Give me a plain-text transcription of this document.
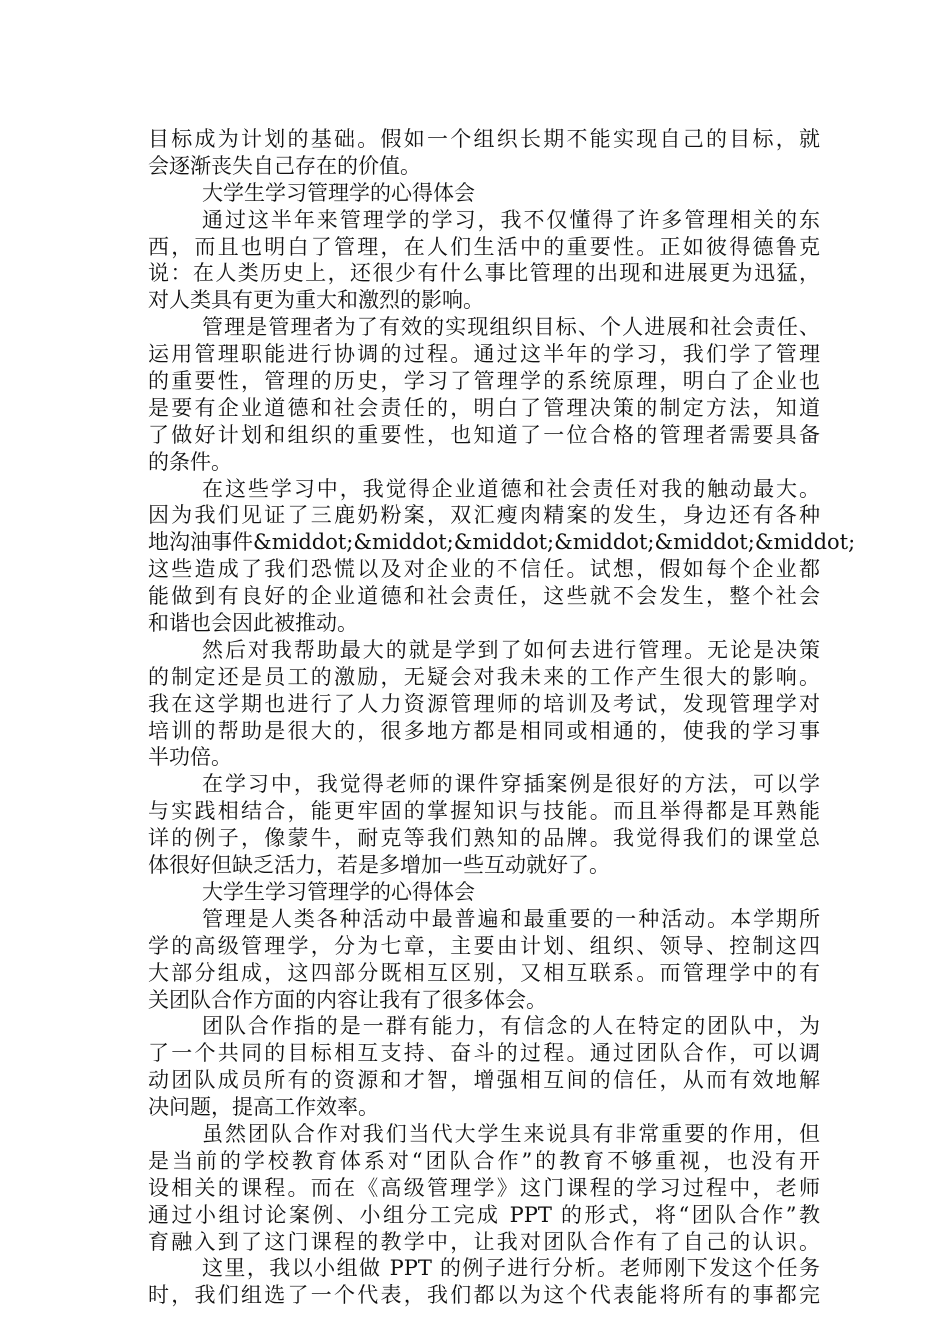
目标成为计划的基础。假如一个组织长期不能实现自己的目标，就
会逐渐丧失自己存在的价值。
大学生学习管理学的心得体会
通过这半年来管理学的学习，我不仅懂得了许多管理相关的东
西，而且也明白了管理，在人们生活中的重要性。正如彼得德鲁克
说：在人类历史上，还很少有什么事比管理的出现和进展更为迅猛，
对人类具有更为重大和激烈的影响。
管理是管理者为了有效的实现组织目标、个人进展和社会责任、
运用管理职能进行协调的过程。通过这半年的学习，我们学了管理
的重要性，管理的历史，学习了管理学的系统原理，明白了企业也
是要有企业道德和社会责任的，明白了管理决策的制定方法，知道
了做好计划和组织的重要性，也知道了一位合格的管理者需要具备
的条件。
在这些学习中，我觉得企业道德和社会责任对我的触动最大。
因为我们见证了三鹿奶粉案，双汇瘦肉精案的发生，身边还有各种
地沟油事件&middot;&middot;&middot;&middot;&middot;&middot;
这些造成了我们恐慌以及对企业的不信任。试想，假如每个企业都
能做到有良好的企业道德和社会责任，这些就不会发生，整个社会
和谐也会因此被推动。
然后对我帮助最大的就是学到了如何去进行管理。无论是决策
的制定还是员工的激励，无疑会对我未来的工作产生很大的影响。
我在这学期也进行了人力资源管理师的培训及考试，发现管理学对
培训的帮助是很大的，很多地方都是相同或相通的，使我的学习事
半功倍。
在学习中，我觉得老师的课件穿插案例是很好的方法，可以学
与实践相结合，能更牢固的掌握知识与技能。而且举得都是耳熟能
详的例子，像蒙牛，耐克等我们熟知的品牌。我觉得我们的课堂总
体很好但缺乏活力，若是多增加一些互动就好了。
大学生学习管理学的心得体会
管理是人类各种活动中最普遍和最重要的一种活动。本学期所
学的高级管理学，分为七章，主要由计划、组织、领导、控制这四
大部分组成，这四部分既相互区别，又相互联系。而管理学中的有
关团队合作方面的内容让我有了很多体会。
团队合作指的是一群有能力，有信念的人在特定的团队中，为
了一个共同的目标相互支持、奋斗的过程。通过团队合作，可以调
动团队成员所有的资源和才智，增强相互间的信任，从而有效地解
决问题，提高工作效率。
虽然团队合作对我们当代大学生来说具有非常重要的作用，但
是当前的学校教育体系对“团队合作”的教育不够重视，也没有开
设相关的课程。而在《高级管理学》这门课程的学习过程中，老师
通过小组讨论案例、小组分工完成 PPT 的形式，将“团队合作”教
育融入到了这门课程的教学中，让我对团队合作有了自己的认识。
这里，我以小组做 PPT 的例子进行分析。老师刚下发这个任务
时，我们组选了一个代表，我们都以为这个代表能将所有的事都完
